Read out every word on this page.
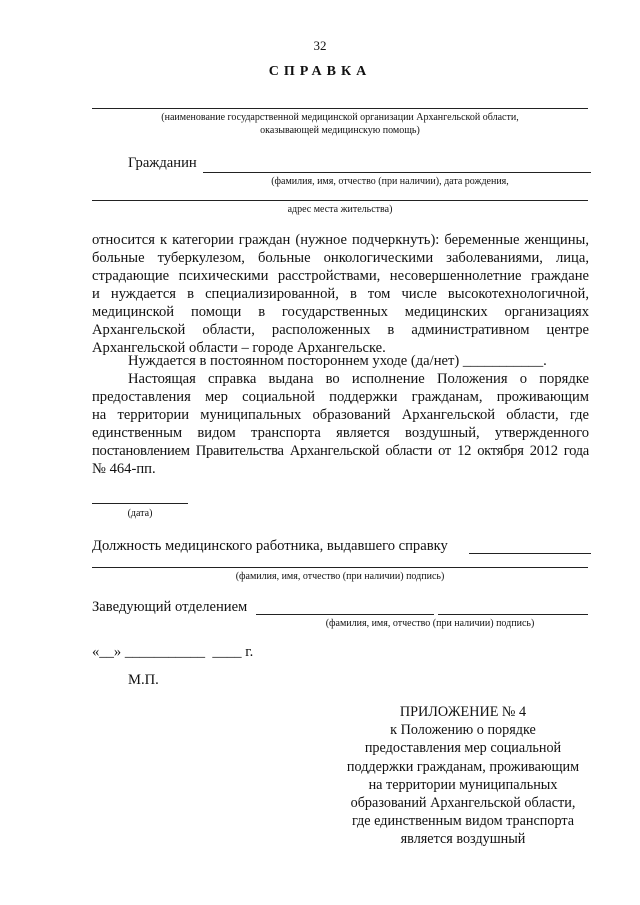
32
СПРАВКА
(наименование государственной медицинской организации Архангельской области,
оказывающей медицинскую помощь)
Гражданин
(фамилия, имя, отчество (при наличии), дата рождения,
адрес места жительства)
относится к категории граждан (нужное подчеркнуть): беременные женщины,
больные туберкулезом, больные онкологическими заболеваниями, лица,
страдающие психическими расстройствами, несовершеннолетние граждане
и нуждается в специализированной, в том числе высокотехнологичной,
медицинской помощи в государственных медицинских организациях
Архангельской области, расположенных в административном центре
Архангельской области – городе Архангельске.
Нуждается в постоянном постороннем уходе (да/нет) ___________.
Настоящая справка выдана во исполнение Положения о порядке
предоставления мер социальной поддержки гражданам, проживающим
на территории муниципальных образований Архангельской области, где
единственным видом транспорта является воздушный, утвержденного
постановлением Правительства Архангельской области от 12 октября 2012 года
№ 464-пп.
(дата)
Должность медицинского работника, выдавшего справку
(фамилия, имя, отчество (при наличии) подпись)
Заведующий отделением
(фамилия, имя, отчество (при наличии) подпись)
«__» ___________  ____ г.
М.П.
ПРИЛОЖЕНИЕ № 4
к Положению о порядке
предоставления мер социальной
поддержки гражданам, проживающим
на территории муниципальных
образований Архангельской области,
где единственным видом транспорта
является воздушный
